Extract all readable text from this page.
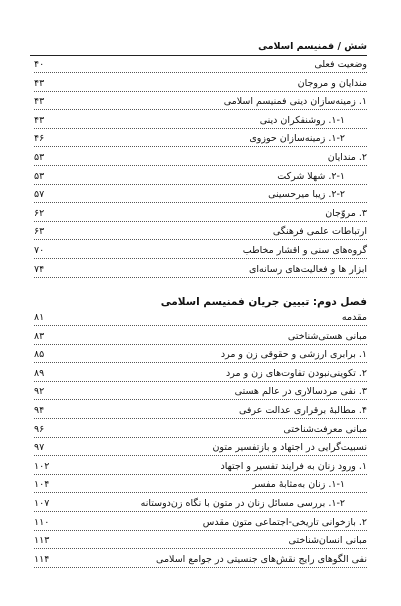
شش / فمنیسم اسلامی
وضعیت فعلی
۴۰
مندایان و مروجان
۴۳
۱. زمینه‌سازان دینی فمنیسم اسلامی
۴۳
۱-۱. روشنفکران دینی
۴۳
۱-۲. زمینه‌سازان حوزوی
۴۶
۲. مندایان
۵۳
۲-۱. شهلا شرکت
۵۳
۲-۲. زیبا میرحسینی
۵۷
۳. مروّجان
۶۲
ارتباطات علمی فرهنگی
۶۳
گروه‌های سنی و اقشار مخاطب
۷۰
ابزار ها و فعالیت‌های رسانه‌ای
۷۴
فصل دوم: تبیین جریان فمنیسم اسلامی
مقدمه
۸۱
مبانی هستی‌شناختی
۸۳
۱. برابری ارزشی و حقوقی زن و مرد
۸۵
۲. تکوینی‌نبودن تفاوت‌های زن و مرد
۸۹
۳. نفی مردسالاری در عالم هستی
۹۲
۴. مطالبهٔ برقراری عدالت عرفی
۹۴
مبانی معرفت‌شناختی
۹۶
نسبیت‌گرایی در اجتهاد و بازتفسیر متون
۹۷
۱. ورود زنان به فرایند تفسیر و اجتهاد
۱۰۲
۱-۱. زنان به‌مثابهٔ مفسر
۱۰۴
۱-۲. بررسی مسائل زنان در متون با نگاه زن‌دوستانه
۱۰۷
۲. بازخوانی تاریخی-اجتماعی متون مقدس
۱۱۰
مبانی انسان‌شناختی
۱۱۳
نفی الگوهای رایج نقش‌های جنسیتی در جوامع اسلامی
۱۱۴
